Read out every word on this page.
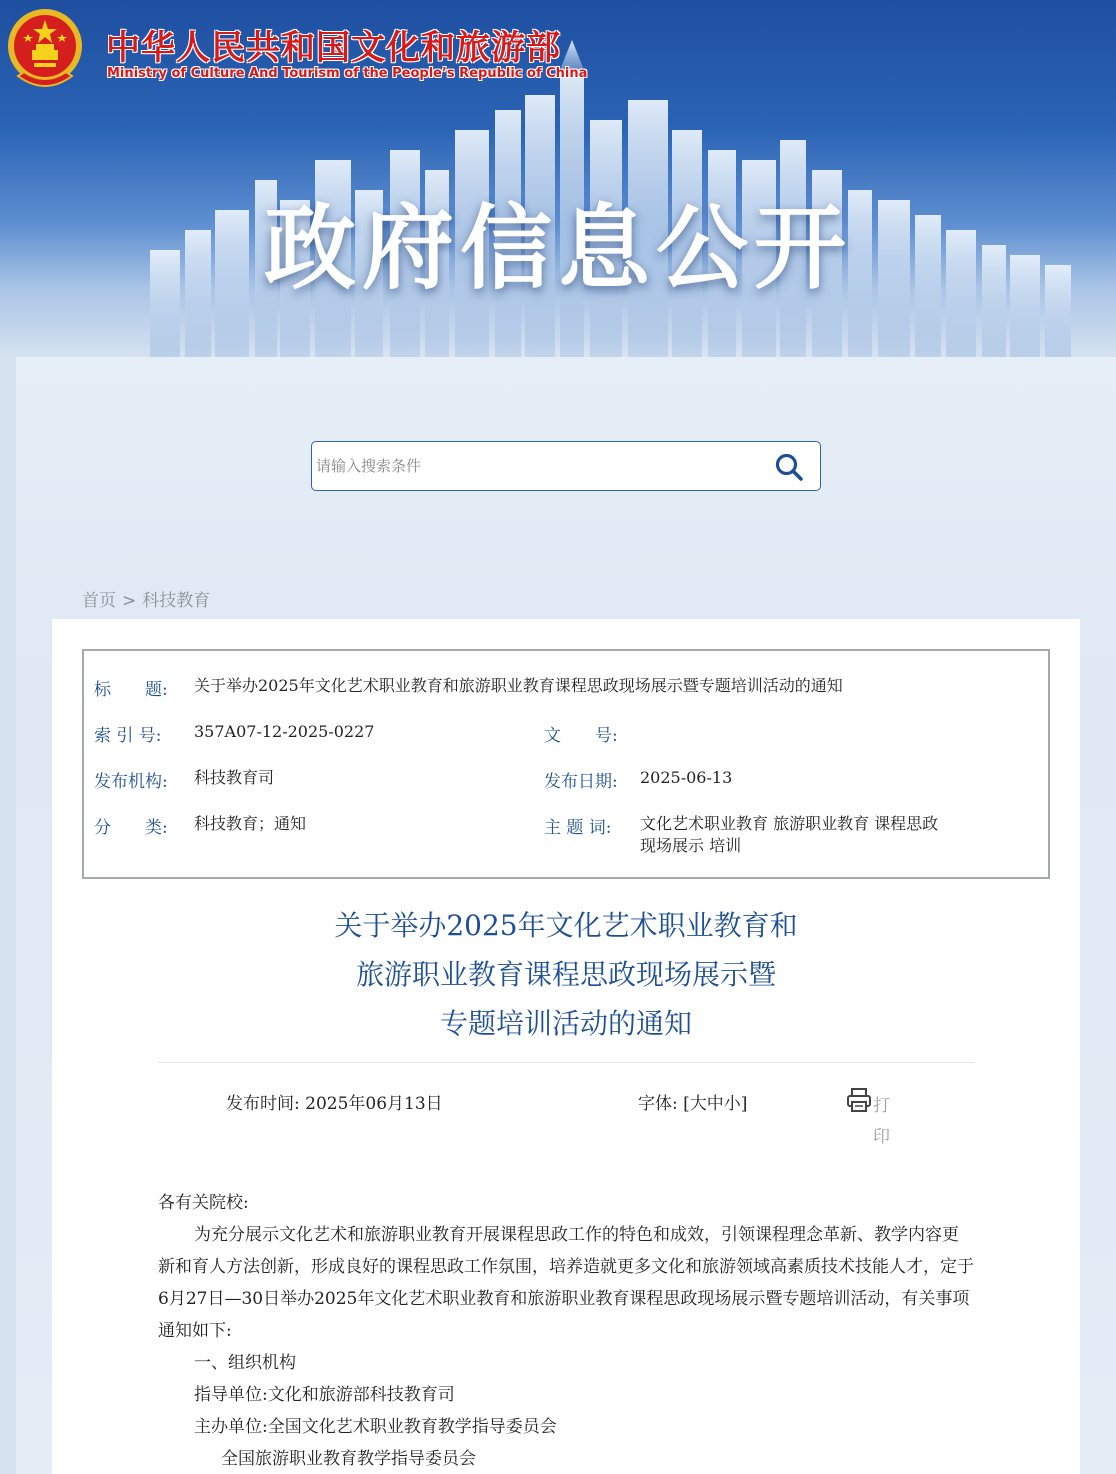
中华人民共和国文化和旅游部
Ministry of Culture And Tourism of the People’s Republic of China
政府信息公开
请输入搜索条件
首页 > 科技教育
标　　题: 关于举办2025年文化艺术职业教育和旅游职业教育课程思政现场展示暨专题培训活动的通知
索 引 号: 357A07-12-2025-0227	文　　号:
发布机构: 科技教育司	发布日期: 2025-06-13
分　　类: 科技教育；通知	主 题 词: 文化艺术职业教育 旅游职业教育 课程思政
现场展示 培训
关于举办2025年文化艺术职业教育和
旅游职业教育课程思政现场展示暨
专题培训活动的通知
发布时间: 2025年06月13日	字体: [大中小]	打印

各有关院校:

为充分展示文化艺术和旅游职业教育开展课程思政工作的特色和成效，引领课程理念革新、教学内容更新和育人方法创新，形成良好的课程思政工作氛围，培养造就更多文化和旅游领域高素质技术技能人才，定于6月27日—30日举办2025年文化艺术职业教育和旅游职业教育课程思政现场展示暨专题培训活动，有关事项通知如下:

一、组织机构

指导单位:文化和旅游部科技教育司

主办单位:全国文化艺术职业教育教学指导委员会

全国旅游职业教育教学指导委员会
